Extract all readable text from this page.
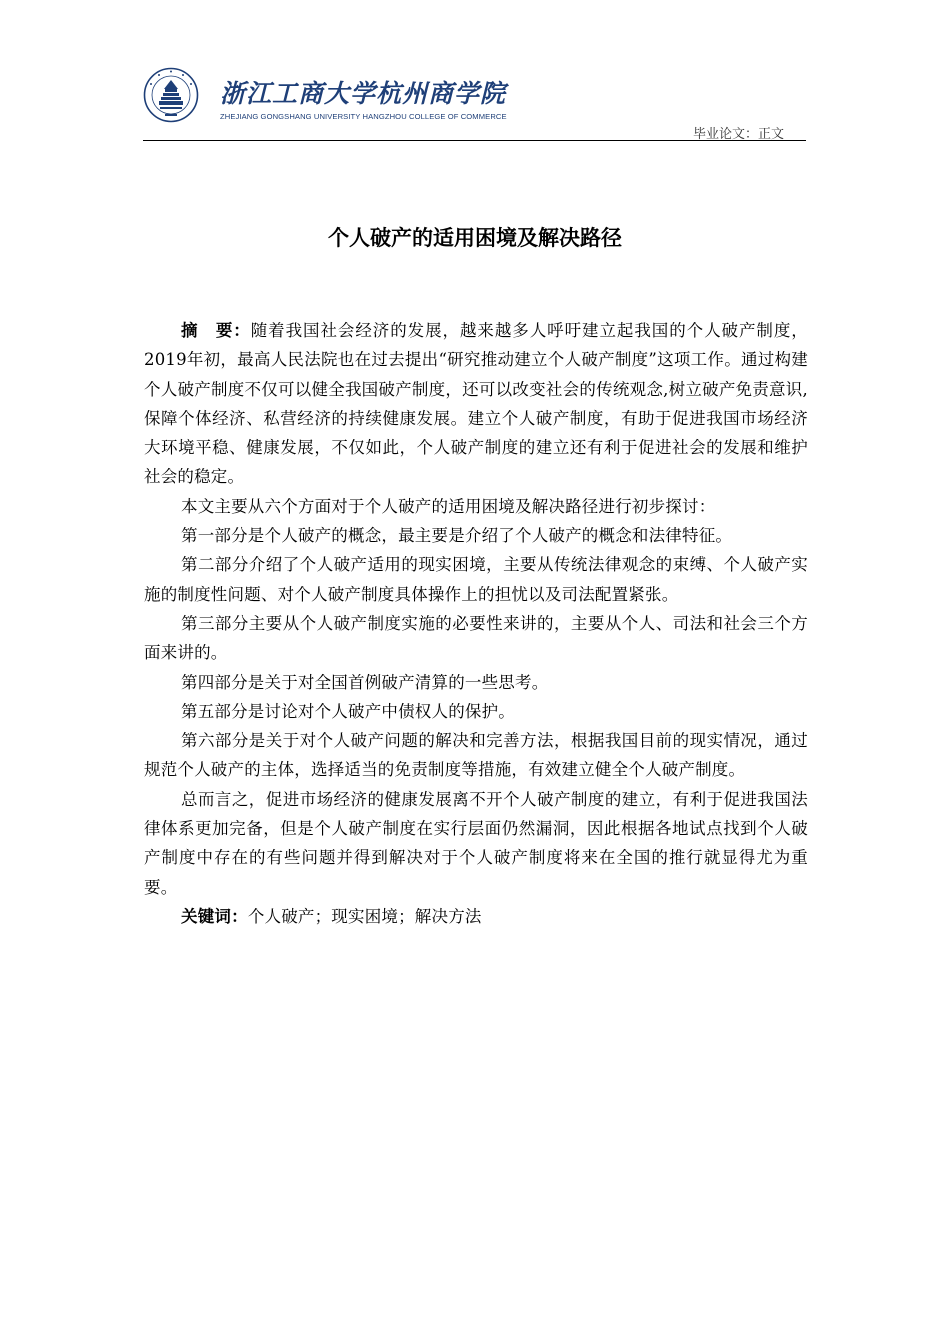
浙江工商大学杭州商学院
ZHEJIANG GONGSHANG UNIVERSITY HANGZHOU COLLEGE OF COMMERCE
毕业论文：正文
个人破产的适用困境及解决路径

摘　要：随着我国社会经济的发展，越来越多人呼吁建立起我国的个人破产制度， 2019年初，最高人民法院也在过去提出“研究推动建立个人破产制度”这项工作。通过构建个人破产制度不仅可以健全我国破产制度，还可以改变社会的传统观念,树立破产免责意识,保障个体经济、私营经济的持续健康发展。建立个人破产制度，有助于促进我国市场经济大环境平稳、健康发展，不仅如此，个人破产制度的建立还有利于促进社会的发展和维护社会的稳定。

本文主要从六个方面对于个人破产的适用困境及解决路径进行初步探讨：

第一部分是个人破产的概念，最主要是介绍了个人破产的概念和法律特征。

第二部分介绍了个人破产适用的现实困境，主要从传统法律观念的束缚、个人破产实施的制度性问题、对个人破产制度具体操作上的担忧以及司法配置紧张。

第三部分主要从个人破产制度实施的必要性来讲的，主要从个人、司法和社会三个方面来讲的。

第四部分是关于对全国首例破产清算的一些思考。

第五部分是讨论对个人破产中债权人的保护。

第六部分是关于对个人破产问题的解决和完善方法，根据我国目前的现实情况，通过规范个人破产的主体，选择适当的免责制度等措施，有效建立健全个人破产制度。

总而言之，促进市场经济的健康发展离不开个人破产制度的建立，有利于促进我国法律体系更加完备，但是个人破产制度在实行层面仍然漏洞，因此根据各地试点找到个人破产制度中存在的有些问题并得到解决对于个人破产制度将来在全国的推行就显得尤为重要。

关键词：个人破产；现实困境；解决方法
